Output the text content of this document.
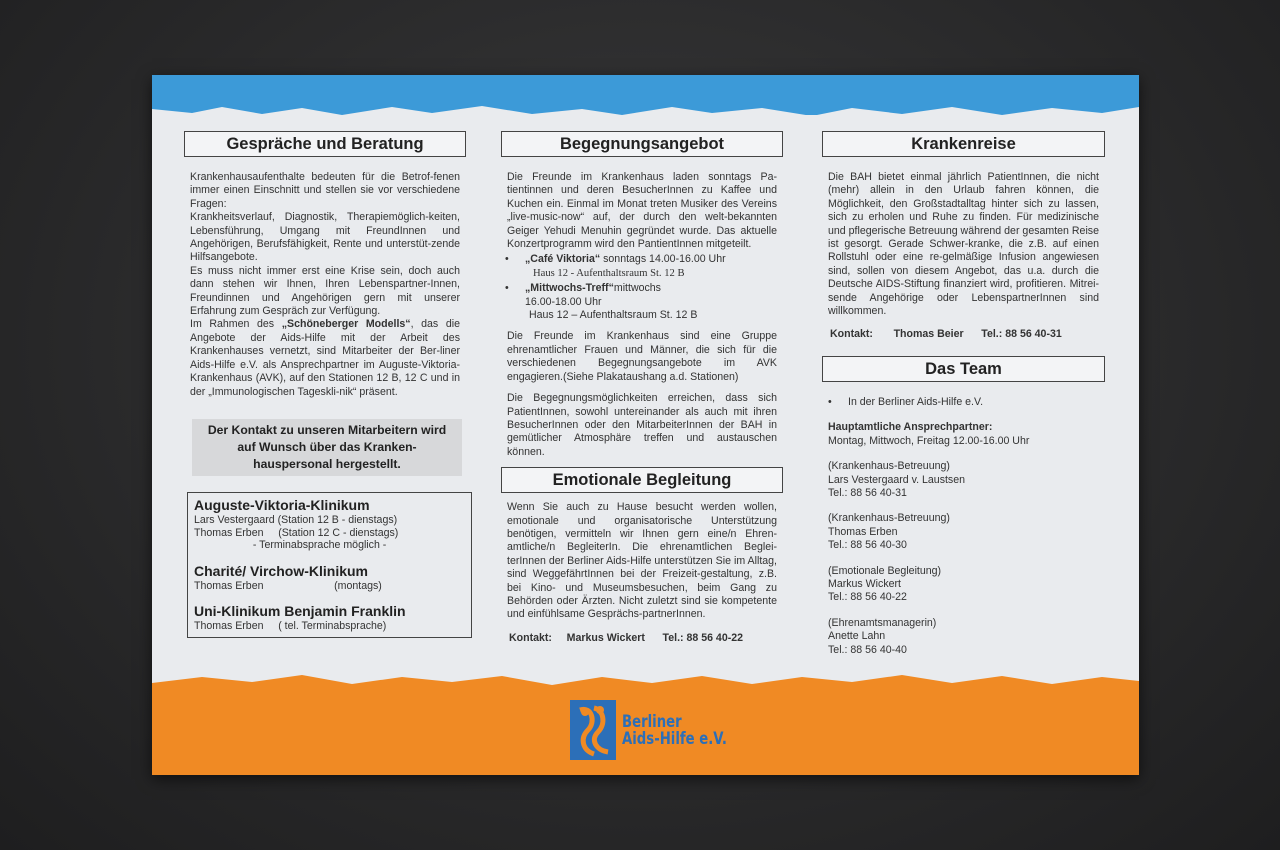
Gespräche und Beratung

Krankenhausaufenthalte bedeuten für die Betrof-fenen immer einen Einschnitt und stellen sie vor verschiedene Fragen:

Krankheitsverlauf, Diagnostik, Therapiemöglich-keiten, Lebensführung, Umgang mit FreundInnen und Angehörigen, Berufsfähigkeit, Rente und unterstüt-zende Hilfsangebote.

Es muss nicht immer erst eine Krise sein, doch auch dann stehen wir Ihnen, Ihren Lebenspartner-Innen, Freundinnen und Angehörigen gern mit unserer Erfahrung zum Gespräch zur Verfügung.

Im Rahmen des „Schöneberger Modells“, das die Angebote der Aids-Hilfe mit der Arbeit des Krankenhauses vernetzt, sind Mitarbeiter der Ber-liner Aids-Hilfe e.V. als Ansprechpartner im Auguste-Viktoria-Krankenhaus (AVK), auf den Stationen 12 B, 12 C und in der „Immunologischen Tageskli-nik“ präsent.

Der Kontakt zu unseren Mitarbeitern wird auf Wunsch über das Kranken-hauspersonal hergestellt.
Auguste-Viktoria-Klinikum
Lars Vestergaard (Station 12 B - dienstags)
Thomas Erben     (Station 12 C - dienstags)
- Terminabsprache möglich -
Charité/ Virchow-Klinikum
Thomas Erben                        (montags)
Uni-Klinikum Benjamin Franklin
Thomas Erben     ( tel. Terminabsprache)
Begegnungsangebot
Die Freunde im Krankenhaus laden sonntags Pa-tientinnen und deren BesucherInnen zu Kaffee und Kuchen ein. Einmal im Monat treten Musiker des Vereins „live-music-now“ auf, der durch den welt-bekannten Geiger Yehudi Menuhin gegründet wurde. Das aktuelle Konzertprogramm wird den PantientInnen mitgeteilt.
•	„Café Viktoria“ sonntags 14.00-16.00 Uhr
Haus 12 - Aufenthaltsraum St. 12 B
•	„Mittwochs-Treff“mittwochs
16.00-18.00 Uhr
Haus 12 – Aufenthaltsraum St. 12 B
Die Freunde im Krankenhaus sind eine Gruppe ehrenamtlicher Frauen und Männer, die sich für die verschiedenen Begegnungsangebote im AVK engagieren.(Siehe Plakataushang a.d. Stationen)
Die Begegnungsmöglichkeiten erreichen, dass sich PatientInnen, sowohl untereinander als auch mit ihren BesucherInnen oder den MitarbeiterInnen der BAH in gemütlicher Atmosphäre treffen und austauschen können.
Emotionale Begleitung
Wenn Sie auch zu Hause besucht werden wollen, emotionale und organisatorische Unterstützung benötigen, vermitteln wir Ihnen gern eine/n Ehren-amtliche/n BegleiterIn. Die ehrenamtlichen Beglei-terInnen der Berliner Aids-Hilfe unterstützen Sie im Alltag, sind WeggefährtInnen bei der Freizeit-gestaltung, z.B. bei Kino- und Museumsbesuchen, beim Gang zu Behörden oder Ärzten. Nicht zuletzt sind sie kompetente und einfühlsame Gesprächs-partnerInnen.
Kontakt:     Markus Wickert      Tel.: 88 56 40-22
Krankenreise
Die BAH bietet einmal jährlich PatientInnen, die nicht (mehr) allein in den Urlaub fahren können, die Möglichkeit, den Großstadtalltag hinter sich zu lassen, sich zu erholen und Ruhe zu finden. Für medizinische und pflegerische Betreuung während der gesamten Reise ist gesorgt. Gerade Schwer-kranke, die z.B. auf einen Rollstuhl oder eine re-gelmäßige Infusion angewiesen sind, sollen von diesem Angebot, das u.a. durch die Deutsche AIDS-Stiftung finanziert wird, profitieren. Mitrei-sende Angehörige oder LebenspartnerInnen sind willkommen.
Kontakt:       Thomas Beier      Tel.: 88 56 40-31
Das Team
•	In der Berliner Aids-Hilfe e.V.
Hauptamtliche Ansprechpartner:
Montag, Mittwoch, Freitag 12.00-16.00 Uhr
(Krankenhaus-Betreuung)
Lars Vestergaard v. Laustsen
Tel.: 88 56 40-31
(Krankenhaus-Betreuung)
Thomas Erben
Tel.: 88 56 40-30
(Emotionale Begleitung)
Markus Wickert
Tel.: 88 56 40-22
(Ehrenamtsmanagerin)
Anette Lahn
Tel.: 88 56 40-40
Berliner
Aids-Hilfe e.V.
